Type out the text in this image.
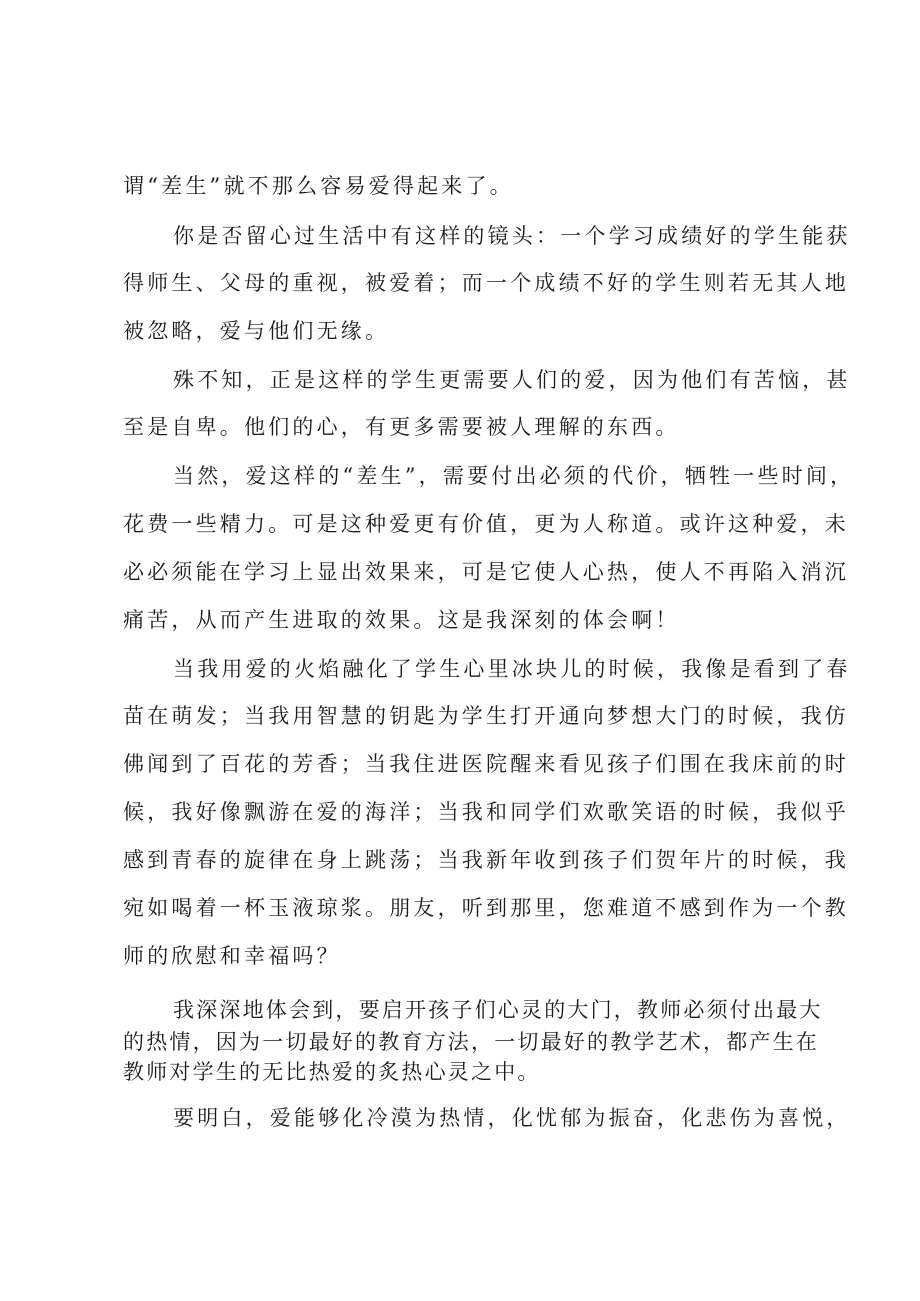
谓“差生”就不那么容易爱得起来了。
你是否留心过生活中有这样的镜头：一个学习成绩好的学生能获
得师生、父母的重视，被爱着；而一个成绩不好的学生则若无其人地
被忽略，爱与他们无缘。
殊不知，正是这样的学生更需要人们的爱，因为他们有苦恼，甚
至是自卑。他们的心，有更多需要被人理解的东西。
当然，爱这样的“差生”，需要付出必须的代价，牺牲一些时间，
花费一些精力。可是这种爱更有价值，更为人称道。或许这种爱，未
必必须能在学习上显出效果来，可是它使人心热，使人不再陷入消沉
痛苦，从而产生进取的效果。这是我深刻的体会啊！
当我用爱的火焰融化了学生心里冰块儿的时候，我像是看到了春
苗在萌发；当我用智慧的钥匙为学生打开通向梦想大门的时候，我仿
佛闻到了百花的芳香；当我住进医院醒来看见孩子们围在我床前的时
候，我好像飘游在爱的海洋；当我和同学们欢歌笑语的时候，我似乎
感到青春的旋律在身上跳荡；当我新年收到孩子们贺年片的时候，我
宛如喝着一杯玉液琼浆。朋友，听到那里，您难道不感到作为一个教
师的欣慰和幸福吗？
我深深地体会到，要启开孩子们心灵的大门，教师必须付出最大
的热情，因为一切最好的教育方法，一切最好的教学艺术，都产生在
教师对学生的无比热爱的炙热心灵之中。
要明白，爱能够化冷漠为热情，化忧郁为振奋，化悲伤为喜悦，
